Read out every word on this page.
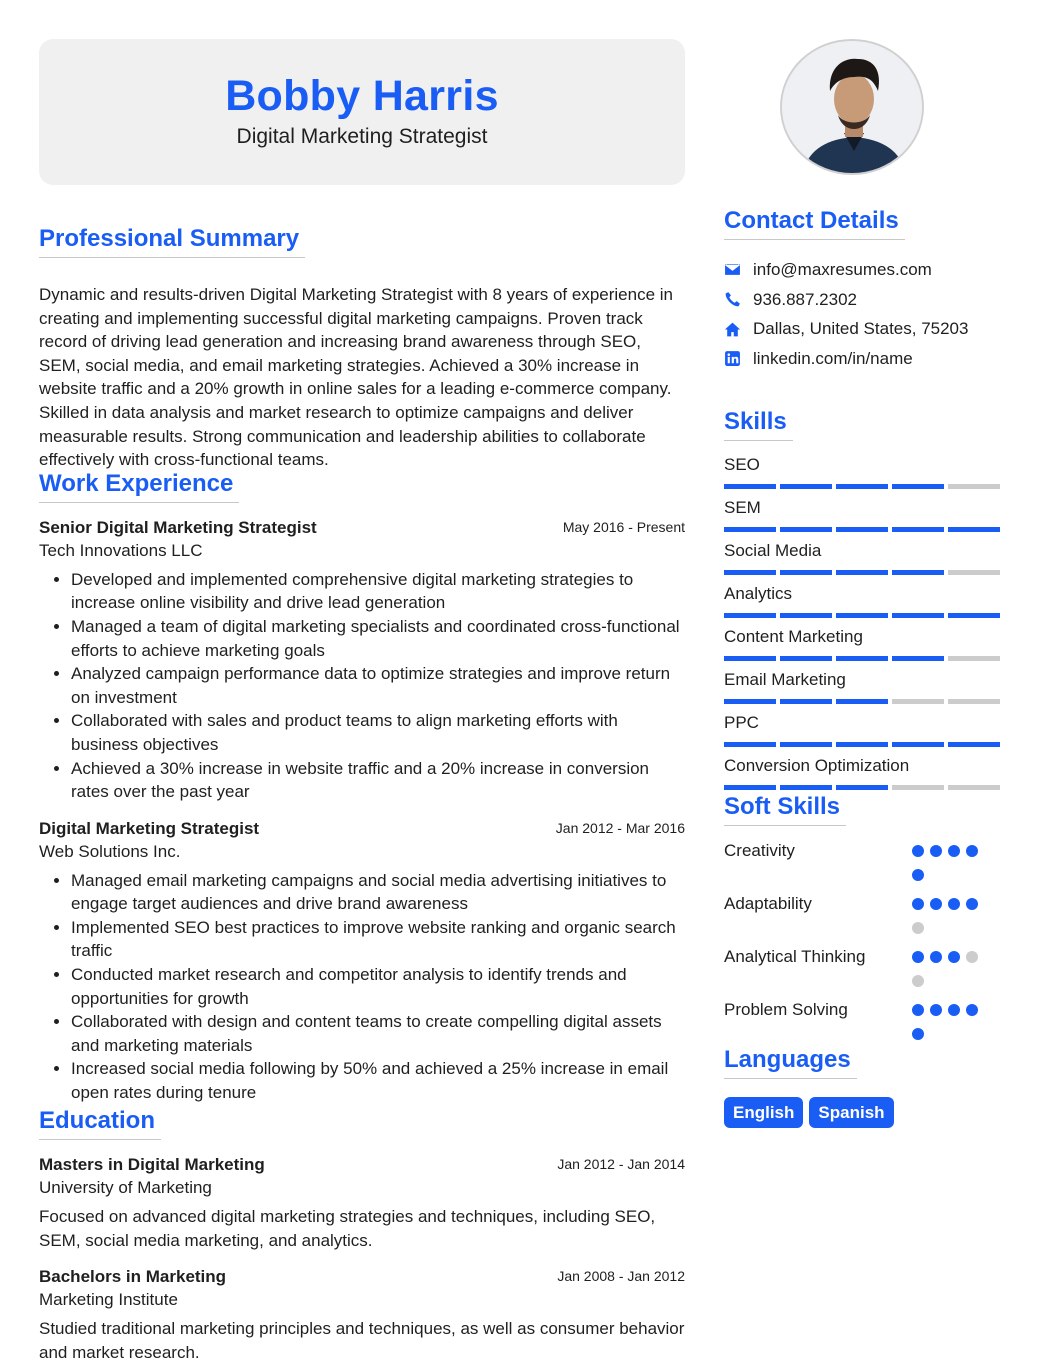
Bobby Harris
Digital Marketing Strategist
Professional Summary
Dynamic and results-driven Digital Marketing Strategist with 8 years of experience in creating and implementing successful digital marketing campaigns. Proven track record of driving lead generation and increasing brand awareness through SEO, SEM, social media, and email marketing strategies. Achieved a 30% increase in website traffic and a 20% growth in online sales for a leading e-commerce company. Skilled in data analysis and market research to optimize campaigns and deliver measurable results. Strong communication and leadership abilities to collaborate effectively with cross-functional teams.
Work Experience
Senior Digital Marketing Strategist	May 2016 - Present
Tech Innovations LLC
• Developed and implemented comprehensive digital marketing strategies to increase online visibility and drive lead generation
• Managed a team of digital marketing specialists and coordinated cross-functional efforts to achieve marketing goals
• Analyzed campaign performance data to optimize strategies and improve return on investment
• Collaborated with sales and product teams to align marketing efforts with business objectives
• Achieved a 30% increase in website traffic and a 20% increase in conversion rates over the past year
Digital Marketing Strategist	Jan 2012 - Mar 2016
Web Solutions Inc.
• Managed email marketing campaigns and social media advertising initiatives to engage target audiences and drive brand awareness
• Implemented SEO best practices to improve website ranking and organic search traffic
• Conducted market research and competitor analysis to identify trends and opportunities for growth
• Collaborated with design and content teams to create compelling digital assets and marketing materials
• Increased social media following by 50% and achieved a 25% increase in email open rates during tenure
Education
Masters in Digital Marketing	Jan 2012 - Jan 2014
University of Marketing
Focused on advanced digital marketing strategies and techniques, including SEO, SEM, social media marketing, and analytics.
Bachelors in Marketing	Jan 2008 - Jan 2012
Marketing Institute
Studied traditional marketing principles and techniques, as well as consumer behavior and market research.
Contact Details
info@maxresumes.com
936.887.2302
Dallas, United States, 75203
linkedin.com/in/name
Skills
SEO
SEM
Social Media
Analytics
Content Marketing
Email Marketing
PPC
Conversion Optimization
Soft Skills
Creativity
Adaptability
Analytical Thinking
Problem Solving
Languages
English	Spanish
